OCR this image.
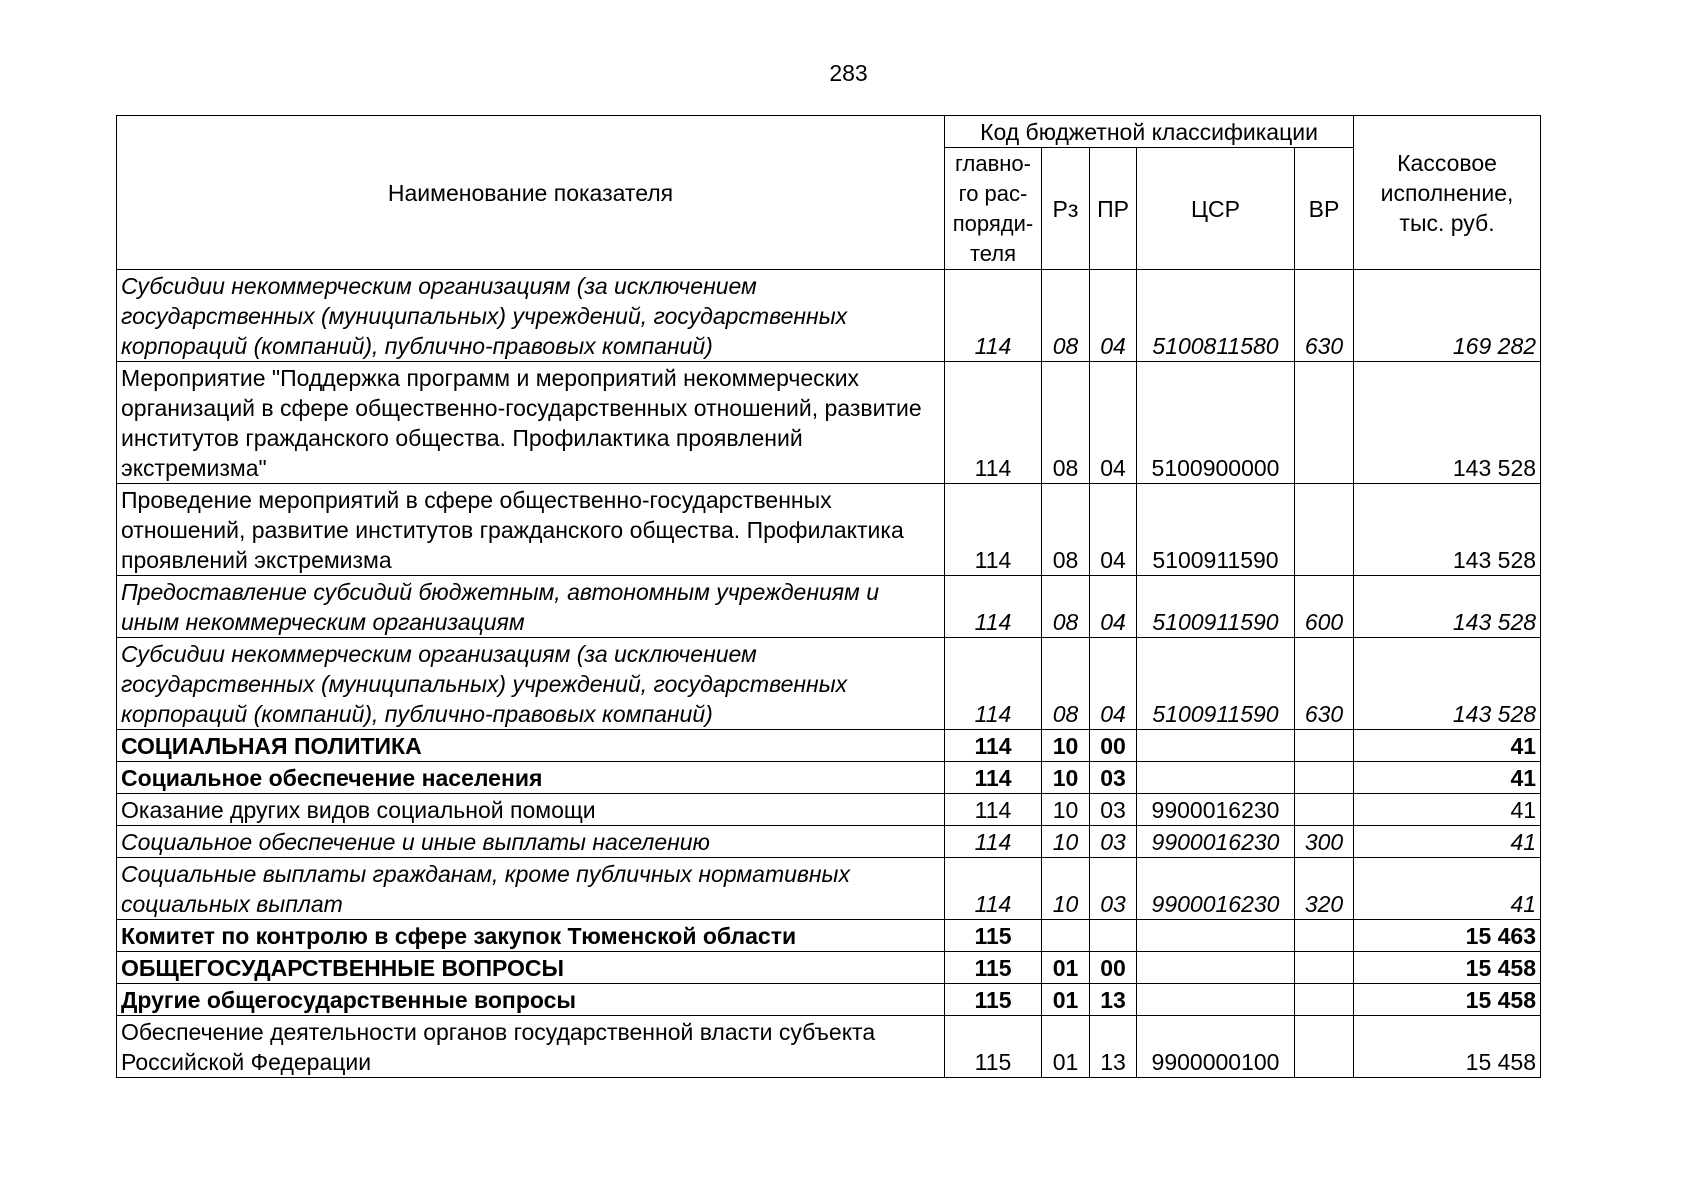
283
Наименование показателя	Код бюджетной классификации					Кассовое исполнение, тыс. руб.
	главно-го рас-поряди-теля	Рз	ПР	ЦСР	ВР	
Субсидии некоммерческим организациям (за исключением государственных (муниципальных) учреждений, государственных корпораций (компаний), публично-правовых компаний)	114	08	04	5100811580	630	169 282
Мероприятие "Поддержка программ и мероприятий некоммерческих организаций в сфере общественно-государственных отношений, развитие институтов гражданского общества. Профилактика проявлений экстремизма"	114	08	04	5100900000		143 528
Проведение мероприятий в сфере общественно-государственных отношений, развитие институтов гражданского общества. Профилактика проявлений экстремизма	114	08	04	5100911590		143 528
Предоставление субсидий бюджетным, автономным учреждениям и иным некоммерческим организациям	114	08	04	5100911590	600	143 528
Субсидии некоммерческим организациям (за исключением государственных (муниципальных) учреждений, государственных корпораций (компаний), публично-правовых компаний)	114	08	04	5100911590	630	143 528
СОЦИАЛЬНАЯ ПОЛИТИКА	114	10	00			41
Социальное обеспечение населения	114	10	03			41
Оказание других видов социальной помощи	114	10	03	9900016230		41
Социальное обеспечение и иные выплаты населению	114	10	03	9900016230	300	41
Социальные выплаты гражданам, кроме публичных нормативных социальных выплат	114	10	03	9900016230	320	41
Комитет по контролю в сфере закупок Тюменской области	115					15 463
ОБЩЕГОСУДАРСТВЕННЫЕ ВОПРОСЫ	115	01	00			15 458
Другие общегосударственные вопросы	115	01	13			15 458
Обеспечение деятельности органов государственной власти субъекта Российской Федерации	115	01	13	9900000100		15 458
